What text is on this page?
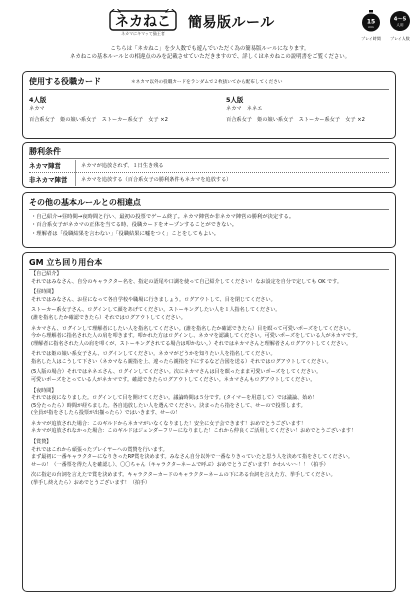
ネカねこ
ネカマにキマッて猫王者
簡易版ルール	15
min
プレイ時間
4〜5
人用
プレイ人数
こちらは「ネカねこ」を少人数でも遊んでいただく為の簡易版ルールになります。
ネカねこの基本ルールとの相違点のみを記載させていただきますので、詳しくはネカねこの説明書をご覧ください。
使用する役職カード	＊ネカマ以外の役職カードをランダムで２枚抜いてから配布してください
4人版
ネカマ
百合系女子　姫の娘い系女子　ストーカー系女子　女子 ×2
5人版
ネカマ　ネネエ
百合系女子　姫の娘い系女子　ストーカー系女子　女子 ×2
勝利条件
ネカマ陣営	ネカマが追放されず、１日生き残る
非ネカマ陣営	ネカマを追放する（百合系女子の勝利条件もネカマを追放する）
その他の基本ルールとの相違点
・自己紹介→昼時間→夜時間と行い、最初の投票でゲーム終了。ネカマ陣営か非ネカマ陣営の勝利が決定する。
・百合系女子がネカマの正体を当てる時、役職カードをオープンすることができない。
・理解者は「役職結果を言わない」「役職結果に嘘をつく」ことをしてもよい。
GM 立ち回り用台本
【自己紹介】
それではみなさん、自分のキャラクター名を、指定の語尾や口調を使って自己紹介してください！なお設定を自分で定しても OK です。
【昼時間】
それではみなさん、お昼になって各自学校や職場に行きましょう。ログアウトして、目を閉じてください。
ストーカー系女子さん、ログインして顔をあげてください。ストーキングしたい人を１人指名してください。
(誰を指名したか確認できたら）それではログアウトしてください。
ネカマさん、ログインして理解者にしたい人を指名してください。(誰を指名したか確認できたら）目を瞑って可愛いポーズをしてください。
今から理解者に指名された人の肩を叩きます。叩かれた方はログインし、ネカマを認識してください。可愛いポーズをしている人がネカマです。
(理解者に指名された人の肩を叩くが、ストーキングされてる場合は叩かない。）それではネカマさんと理解者さんログアウトしてください。
それでは姫の娘い系女子さん、ログインしてください。ネカマがどうかを知りたい人を指名してください。
指名した人はこうして下さい（ネカマなら親指を上、違ったら親指を下にするなど合図を送る）それではログアウトしてください。
(5人版の場合）それではネネエさん、ログインしてください。次にネカマさんは目を瞑ったまま可愛いポーズをしてください。
可愛いポーズをとっている人がネカマです。確認できたらログアウトしてください。ネカマさんもログアウトしてください。
【夜時間】
それでは夜になりました。ログインして目を開けてください。議論時間は５分です。(タイマーを用意して）では議論、始め！
(5分たったら）時間が経ちました。各自追放したい人を選んでください。決まったら指をさして、せーので投票します。
(全員が指をさしたら投票が出揃ったら）ではいきます、せーの！
ネカマが追放された場合：このギルドからネカマがいなくなりました！安全に女子会できます！おめでとうございます！
ネカマが追放されなかった場合：このギルドはジェンダーフリーになりました！これから仲良くご活用してください！おめでとうございます！
【賞賛】
それではこれから頑張ったプレイヤーへの賞賛を行います。
まず最初に一番キャラクターになりきったRP賞を決めます。みなさん自分以外で一番なりきっていたと思う人を決めて指をさしてください。
せーの！（一番票を得た人を確認し）、〇〇ちゃん（キャラクターネームで呼ぶ）おめでとうございます！かわいい〜！！（拍手）
次に指定の台詞を言えたで賞を決めます。キャラクターカードのキャラクターネームの下にある台詞を言えた方、挙手してください。
(挙手し終えたら）おめでとうございます！（拍手）
